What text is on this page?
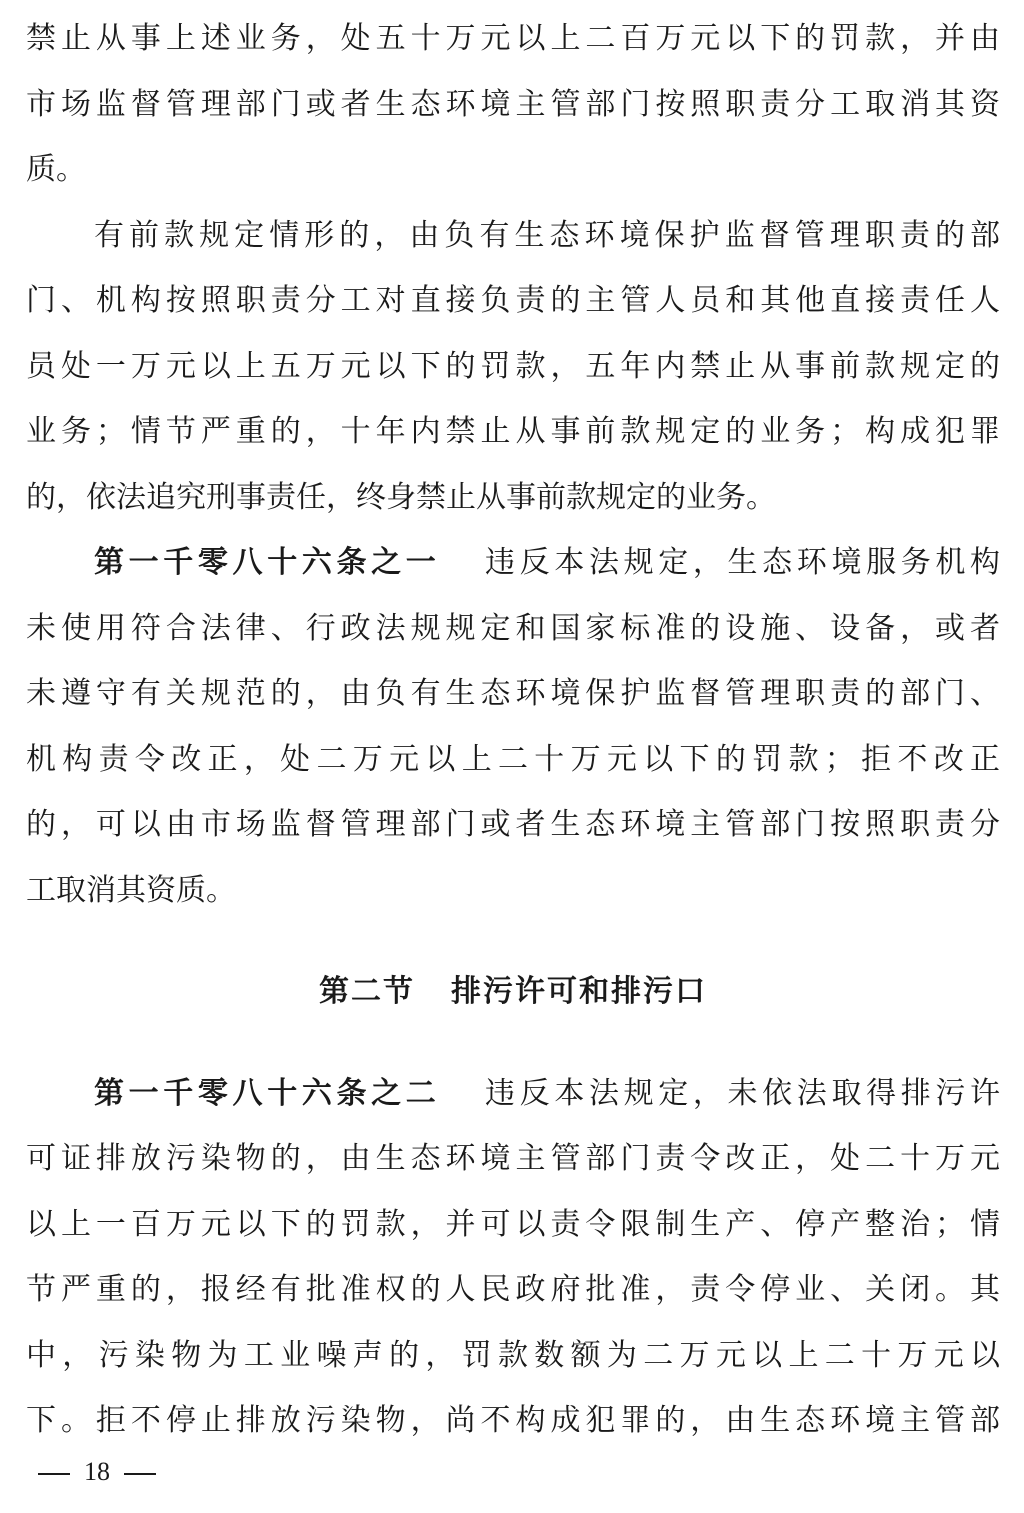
禁止从事上述业务，处五十万元以上二百万元以下的罚款，并由
市场监督管理部门或者生态环境主管部门按照职责分工取消其资
质。
有前款规定情形的，由负有生态环境保护监督管理职责的部
门、机构按照职责分工对直接负责的主管人员和其他直接责任人
员处一万元以上五万元以下的罚款，五年内禁止从事前款规定的
业务；情节严重的，十年内禁止从事前款规定的业务；构成犯罪
的，依法追究刑事责任，终身禁止从事前款规定的业务。
第一千零八十六条之一 违反本法规定，生态环境服务机构
未使用符合法律、行政法规规定和国家标准的设施、设备，或者
未遵守有关规范的，由负有生态环境保护监督管理职责的部门、
机构责令改正，处二万元以上二十万元以下的罚款；拒不改正
的，可以由市场监督管理部门或者生态环境主管部门按照职责分
工取消其资质。
第二节 排污许可和排污口
第一千零八十六条之二 违反本法规定，未依法取得排污许
可证排放污染物的，由生态环境主管部门责令改正，处二十万元
以上一百万元以下的罚款，并可以责令限制生产、停产整治；情
节严重的，报经有批准权的人民政府批准，责令停业、关闭。其
中，污染物为工业噪声的，罚款数额为二万元以上二十万元以
下。拒不停止排放污染物，尚不构成犯罪的，由生态环境主管部
18
